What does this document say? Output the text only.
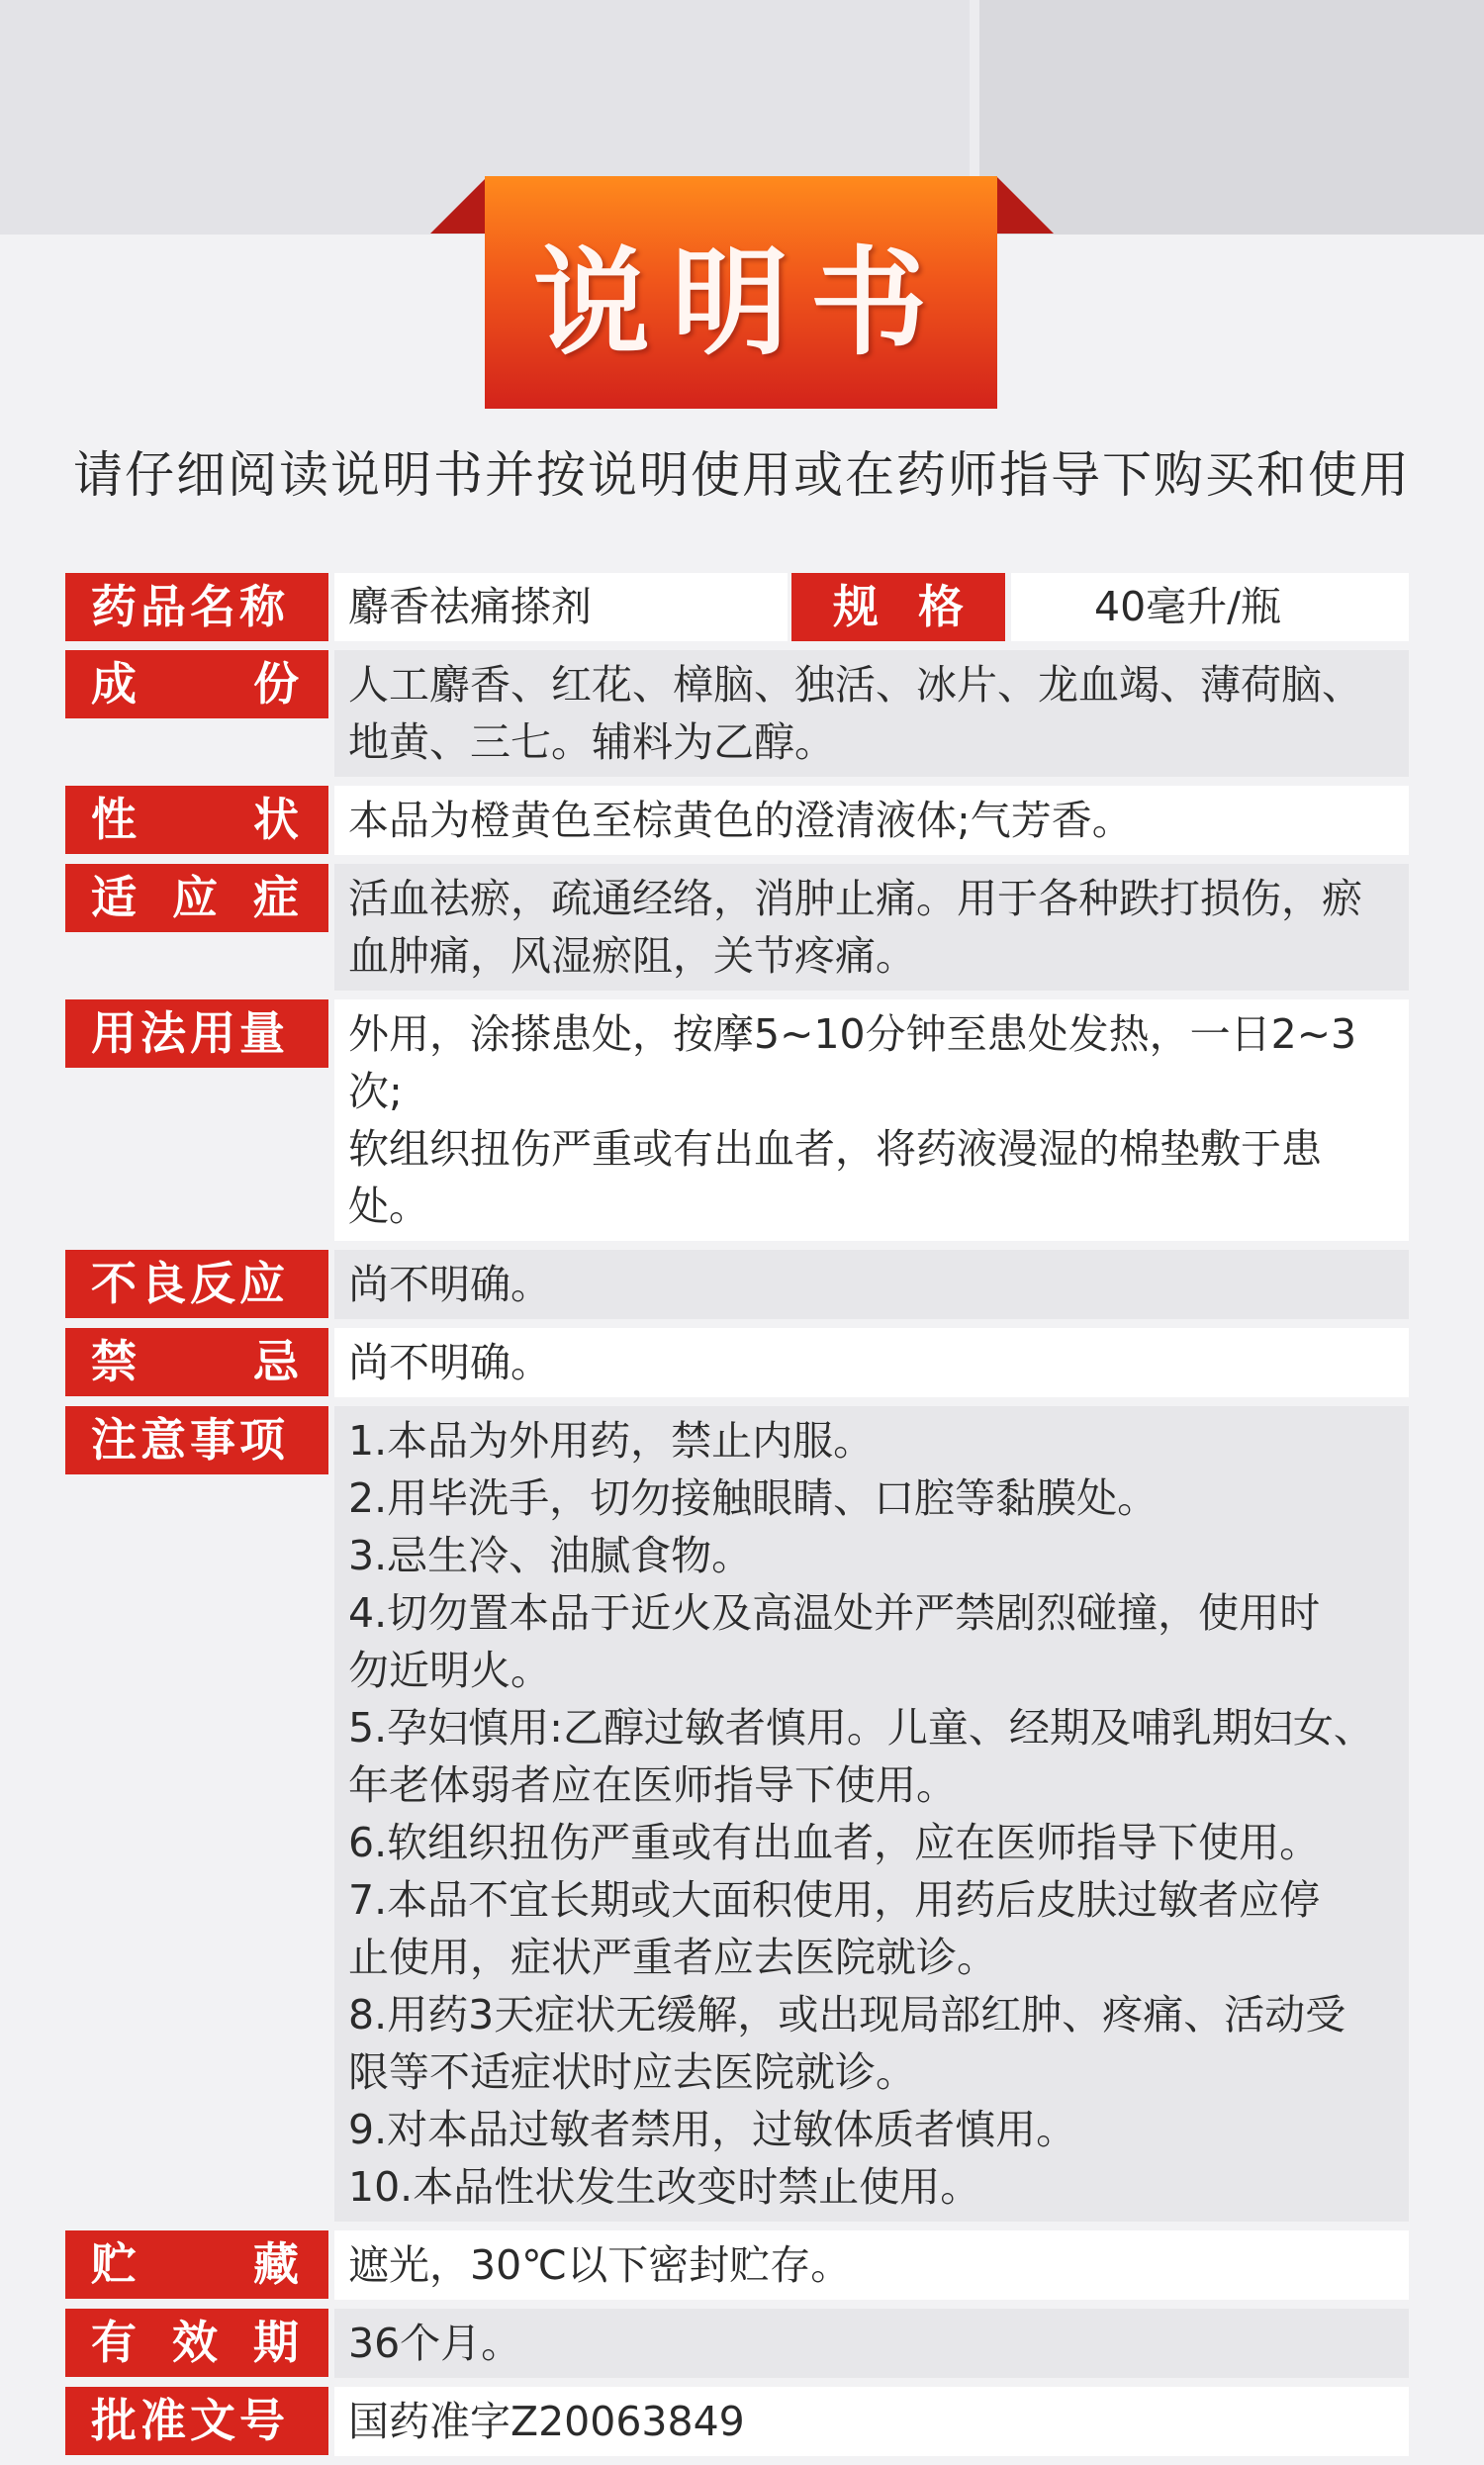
说明书
请仔细阅读说明书并按说明使用或在药师指导下购买和使用
药品名称 麝香祛痛搽剂	规 格	40毫升/瓶
成 份 人工麝香、红花、樟脑、独活、冰片、龙血竭、薄荷脑、

地黄、三七。辅料为乙醇。

性 状 本品为橙黄色至棕黄色的澄清液体;气芳香。

适 应 症 活血祛瘀，疏通经络，消肿止痛。用于各种跌打损伤，瘀

血肿痛，风湿瘀阻，关节疼痛。

用法用量 外用，涂搽患处，按摩5~10分钟至患处发热，一日2~3次;

软组织扭伤严重或有出血者，将药液漫湿的棉垫敷于患处。

不良反应 尚不明确。

禁 忌 尚不明确。

注意事项 1.本品为外用药，禁止内服。

2.用毕洗手，切勿接触眼睛、口腔等黏膜处。

3.忌生冷、油腻食物。

4.切勿置本品于近火及高温处并严禁剧烈碰撞，使用时

勿近明火。

5.孕妇慎用:乙醇过敏者慎用。儿童、经期及哺乳期妇女、

年老体弱者应在医师指导下使用。

6.软组织扭伤严重或有出血者，应在医师指导下使用。

7.本品不宜长期或大面积使用，用药后皮肤过敏者应停

止使用，症状严重者应去医院就诊。

8.用药3天症状无缓解，或出现局部红肿、疼痛、活动受

限等不适症状时应去医院就诊。

9.对本品过敏者禁用，过敏体质者慎用。

10.本品性状发生改变时禁止使用。

贮 藏 遮光，30℃以下密封贮存。

有 效 期 36个月。

批准文号 国药准字Z20063849
